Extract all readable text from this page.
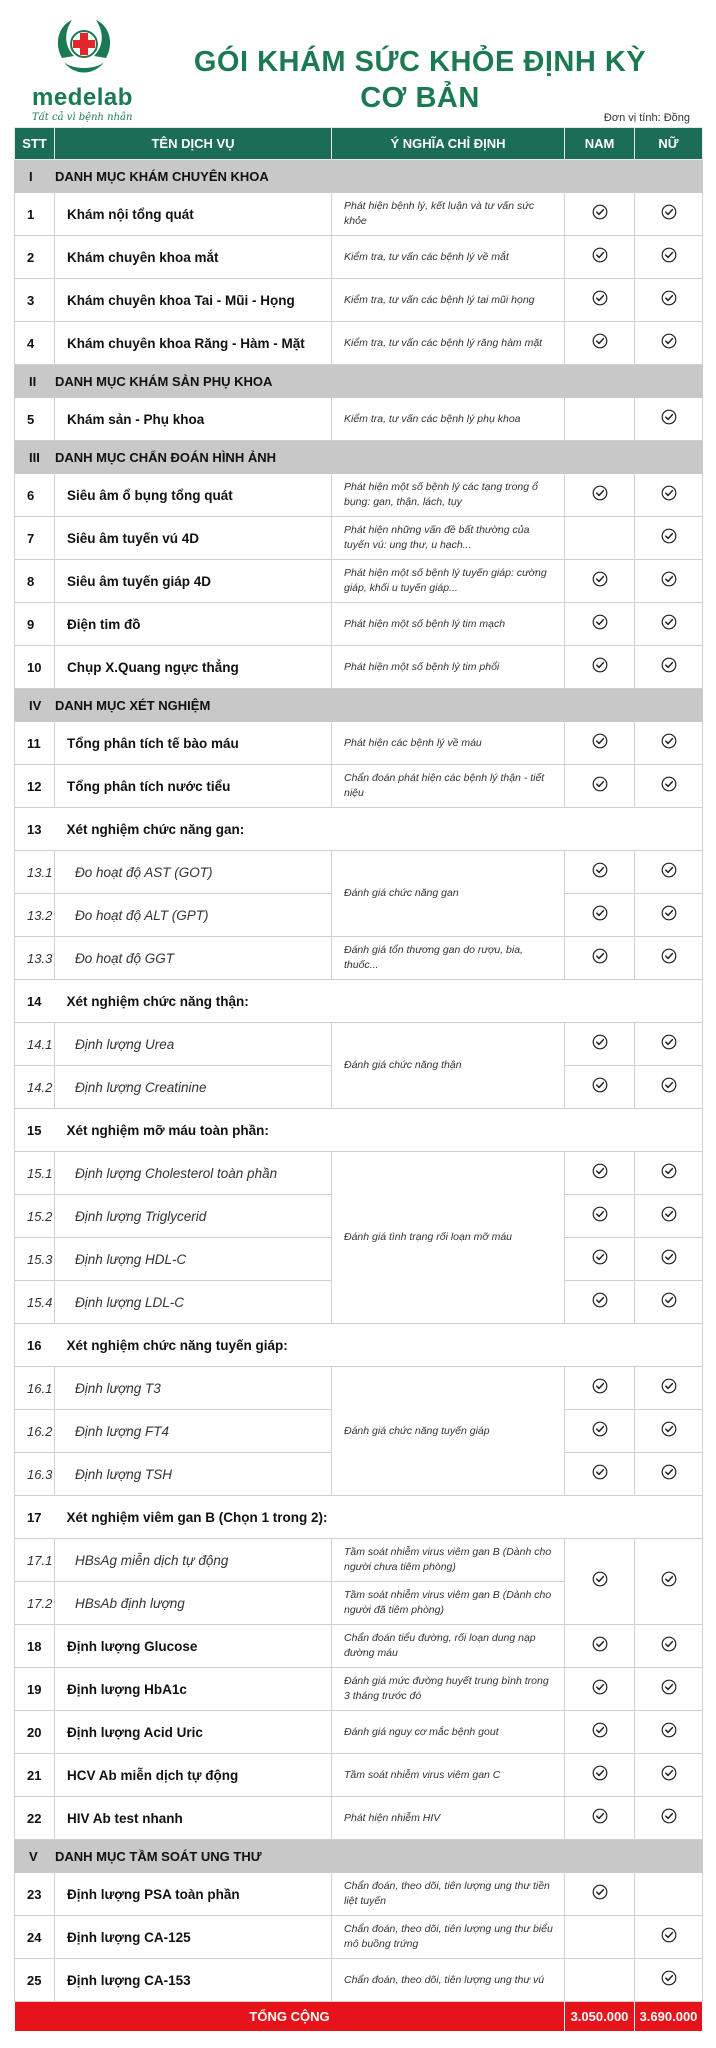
medelab
Tất cả vì bệnh nhân
GÓI KHÁM SỨC KHỎE ĐỊNH KỲ
CƠ BẢN
Đơn vị tính: Đồng
STT	TÊN DỊCH VỤ	Ý NGHĨA CHỈ ĐỊNH	NAM	NỮ
I	DANH MỤC KHÁM CHUYÊN KHOA			
1	Khám nội tổng quát	Phát hiện bệnh lý, kết luận và tư vấn sức khỏe		
2	Khám chuyên khoa mắt	Kiểm tra, tư vấn các bệnh lý về mắt		
3	Khám chuyên khoa Tai - Mũi - Họng	Kiểm tra, tư vấn các bệnh lý tai mũi họng		
4	Khám chuyên khoa Răng - Hàm - Mặt	Kiểm tra, tư vấn các bệnh lý răng hàm mặt		
II	DANH MỤC KHÁM SẢN PHỤ KHOA			
5	Khám sản - Phụ khoa	Kiểm tra, tư vấn các bệnh lý phụ khoa		
III	DANH MỤC CHẨN ĐOÁN HÌNH ẢNH			
6	Siêu âm ổ bụng tổng quát	Phát hiện một số bệnh lý các tạng trong ổ bụng: gan, thận, lách, tụy		
7	Siêu âm tuyến vú 4D	Phát hiện những vấn đề bất thường của tuyến vú: ung thư, u hạch...		
8	Siêu âm tuyến giáp 4D	Phát hiện một số bệnh lý tuyến giáp: cường giáp, khối u tuyến giáp...		
9	Điện tim đồ	Phát hiện một số bệnh lý tim mạch		
10	Chụp X.Quang ngực thẳng	Phát hiện một số bệnh lý tim phổi		
IV	DANH MỤC XÉT NGHIỆM			
11	Tổng phân tích tế bào máu	Phát hiện các bệnh lý về máu		
12	Tổng phân tích nước tiểu	Chẩn đoán phát hiện các bệnh lý thận - tiết niệu		
13	Xét nghiệm chức năng gan:			
13.1	Đo hoạt độ AST (GOT)	Đánh giá chức năng gan		
13.2	Đo hoạt độ ALT (GPT)		
13.3	Đo hoạt độ GGT	Đánh giá tổn thương gan do rượu, bia, thuốc...		
14	Xét nghiệm chức năng thận:			
14.1	Định lượng Urea	Đánh giá chức năng thận		
14.2	Định lượng Creatinine		
15	Xét nghiệm mỡ máu toàn phần:			
15.1	Định lượng Cholesterol toàn phần	Đánh giá tình trạng rối loạn mỡ máu		
15.2	Định lượng Triglycerid		
15.3	Định lượng HDL-C		
15.4	Định lượng LDL-C		
16	Xét nghiệm chức năng tuyến giáp:			
16.1	Định lượng T3	Đánh giá chức năng tuyến giáp		
16.2	Định lượng FT4		
16.3	Định lượng TSH		
17	Xét nghiệm viêm gan B (Chọn 1 trong 2):			
17.1	HBsAg miễn dịch tự động	Tầm soát nhiễm virus viêm gan B (Dành cho người chưa tiêm phòng)		
17.2	HBsAb định lượng	Tầm soát nhiễm virus viêm gan B (Dành cho người đã tiêm phòng)		
18	Định lượng Glucose	Chẩn đoán tiểu đường, rối loạn dung nạp đường máu		
19	Định lượng HbA1c	Đánh giá mức đường huyết trung bình trong 3 tháng trước đó		
20	Định lượng Acid Uric	Đánh giá nguy cơ mắc bệnh gout		
21	HCV Ab miễn dịch tự động	Tầm soát nhiễm virus viêm gan C		
22	HIV Ab test nhanh	Phát hiện nhiễm HIV		
V	DANH MỤC TẦM SOÁT UNG THƯ			
23	Định lượng PSA toàn phần	Chẩn đoán, theo dõi, tiên lượng ung thư tiền liệt tuyến		
24	Định lượng CA-125	Chẩn đoán, theo dõi, tiên lượng ung thư biểu mô buồng trứng		
25	Định lượng CA-153	Chẩn đoán, theo dõi, tiên lượng ung thư vú		
TỔNG CỘNG			3.050.000	3.690.000
